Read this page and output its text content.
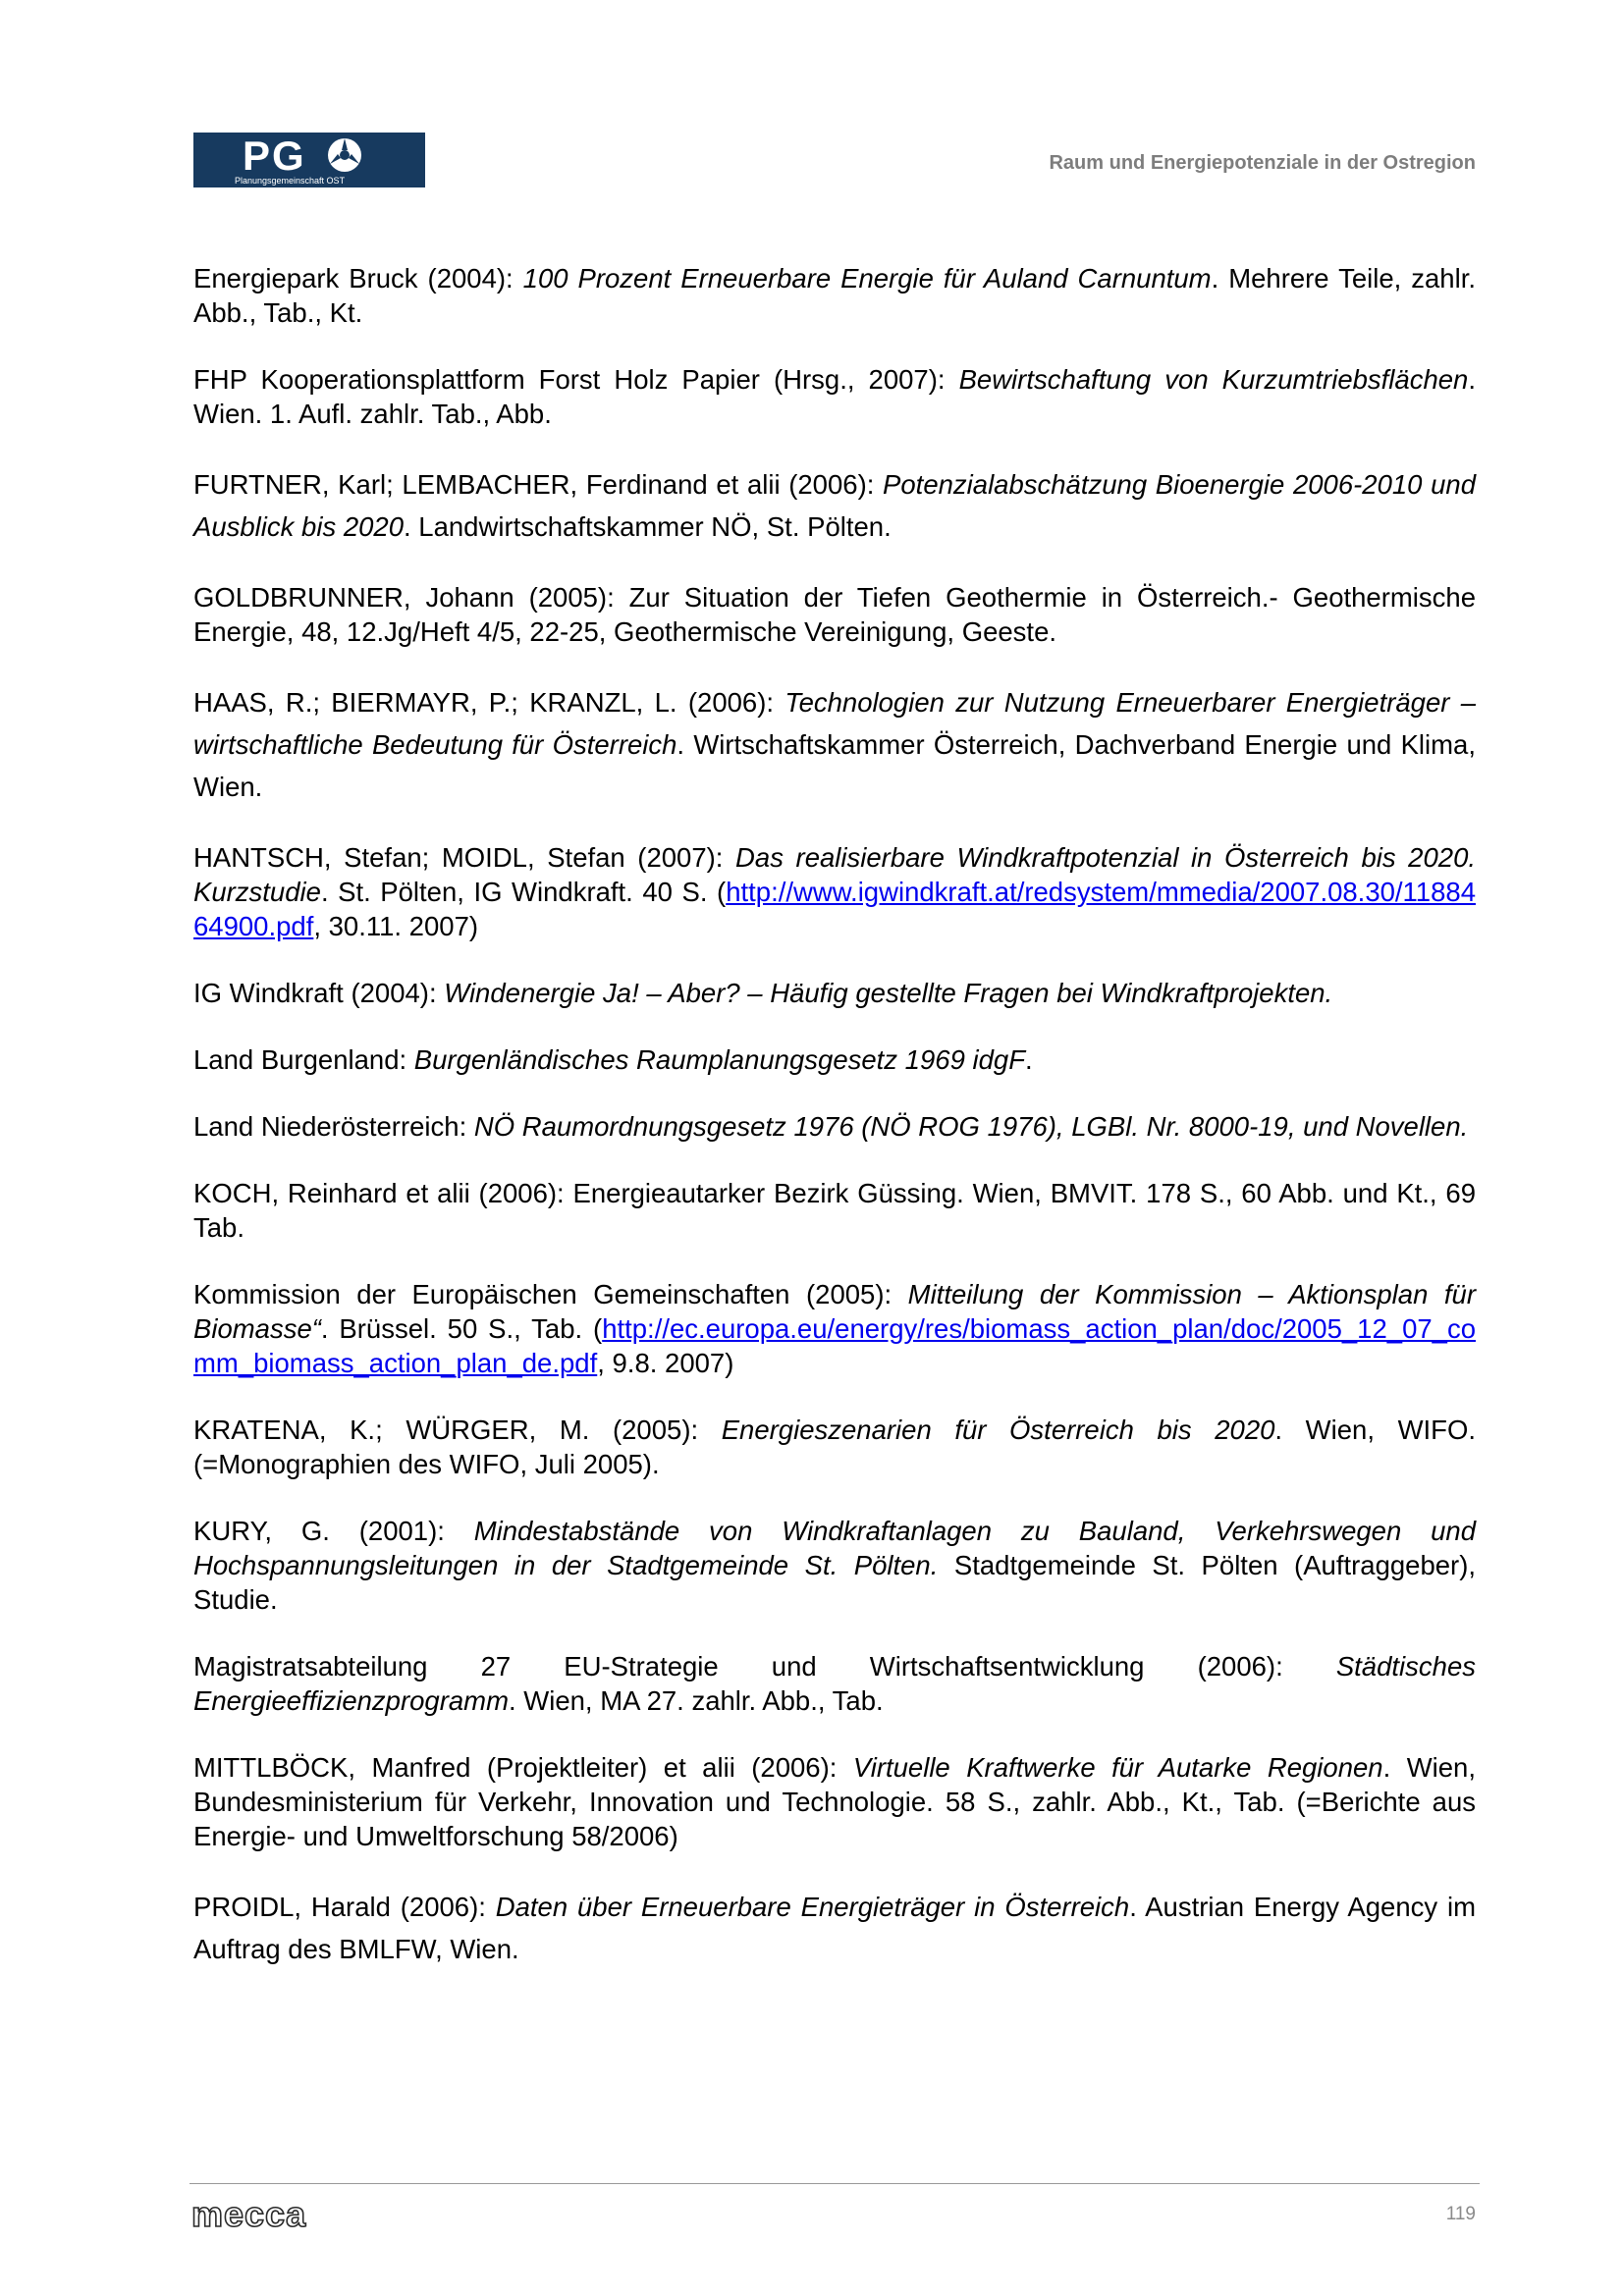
PG
Planungsgemeinschaft OST
Raum und Energiepotenziale in der Ostregion

Energiepark Bruck (2004): 100 Prozent Erneuerbare Energie für Auland Carnuntum. Mehrere Teile, zahlr. Abb., Tab., Kt.

FHP Kooperationsplattform Forst Holz Papier (Hrsg., 2007): Bewirtschaftung von Kurzumtriebsflächen. Wien. 1. Aufl. zahlr. Tab., Abb.

FURTNER, Karl; LEMBACHER, Ferdinand et alii (2006): Potenzialabschätzung Bioenergie 2006-2010 und Ausblick bis 2020. Landwirtschaftskammer NÖ, St. Pölten.

GOLDBRUNNER, Johann (2005): Zur Situation der Tiefen Geothermie in Österreich.- Geothermische Energie, 48, 12.Jg/Heft 4/5, 22-25, Geothermische Vereinigung, Geeste.

HAAS, R.; BIERMAYR, P.; KRANZL, L. (2006): Technologien zur Nutzung Erneuerbarer Energieträger – wirtschaftliche Bedeutung für Österreich. Wirtschaftskammer Österreich, Dachverband Energie und Klima, Wien.

HANTSCH, Stefan; MOIDL, Stefan (2007): Das realisierbare Windkraftpotenzial in Österreich bis 2020. Kurzstudie. St. Pölten, IG Windkraft. 40 S. (http://www.igwindkraft.at/redsystem/mmedia/2007.08.30/1188464900.pdf, 30.11. 2007)

IG Windkraft (2004): Windenergie Ja! – Aber? – Häufig gestellte Fragen bei Windkraftprojekten.

Land Burgenland: Burgenländisches Raumplanungsgesetz 1969 idgF.

Land Niederösterreich: NÖ Raumordnungsgesetz 1976 (NÖ ROG 1976), LGBl. Nr. 8000-19, und Novellen.

KOCH, Reinhard et alii (2006): Energieautarker Bezirk Güssing. Wien, BMVIT. 178 S., 60 Abb. und Kt., 69 Tab.

Kommission der Europäischen Gemeinschaften (2005): Mitteilung der Kommission – Aktionsplan für Biomasse“. Brüssel. 50 S., Tab. (http://ec.europa.eu/energy/res/biomass_action_plan/doc/2005_12_07_comm_biomass_action_plan_de.pdf, 9.8. 2007)

KRATENA, K.; WÜRGER, M. (2005): Energieszenarien für Österreich bis 2020. Wien, WIFO. (=Monographien des WIFO, Juli 2005).

KURY, G. (2001): Mindestabstände von Windkraftanlagen zu Bauland, Verkehrswegen und Hochspannungsleitungen in der Stadtgemeinde St. Pölten. Stadtgemeinde St. Pölten (Auftraggeber), Studie.

Magistratsabteilung 27 EU-Strategie und Wirtschaftsentwicklung (2006): Städtisches Energieeffizienzprogramm. Wien, MA 27. zahlr. Abb., Tab.

MITTLBÖCK, Manfred (Projektleiter) et alii (2006): Virtuelle Kraftwerke für Autarke Regionen. Wien, Bundesministerium für Verkehr, Innovation und Technologie. 58 S., zahlr. Abb., Kt., Tab. (=Berichte aus Energie- und Umweltforschung 58/2006)

PROIDL, Harald (2006): Daten über Erneuerbare Energieträger in Österreich. Austrian Energy Agency im Auftrag des BMLFW, Wien.

mecca	119
